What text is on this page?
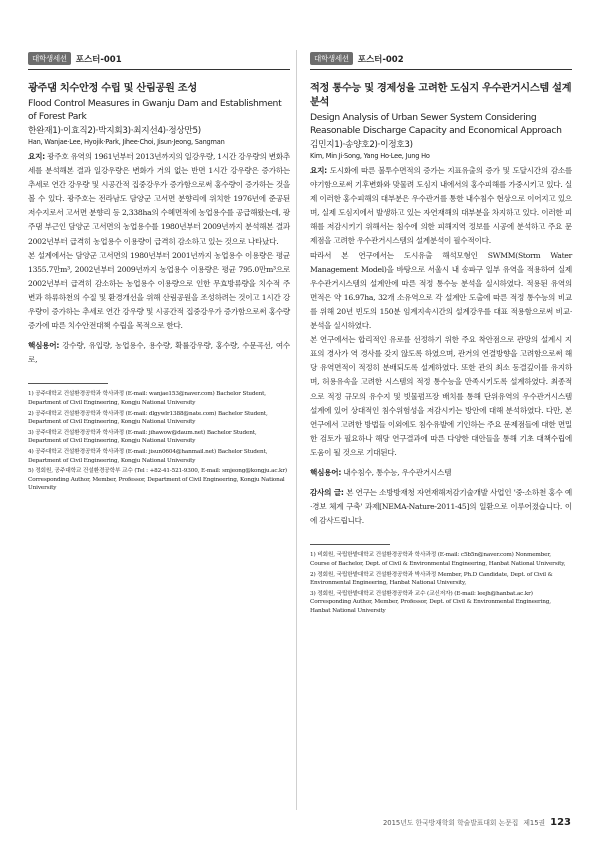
대학생세션	포스터-001
광주댐 치수안정 수립 및 산림공원 조성
Flood Control Measures in Gwanju Dam and Establishment of Forest Park
한완재1)·이효직2)·박지회3)·최지선4)·정상만5)
Han, Wanjae·Lee, Hyojik·Park, Jihee·Choi, Jisun·Jeong, Sangman

요지: 광주호 유역의 1961년부터 2013년까지의 일강우량, 1시간 강우량의 변화추세를 분석해본 결과 일강우량은 변화가 거의 없는 반면 1시간 강우량은 증가하는 추세로 연간 강우량 및 시공간적 집중강우가 증가함으로써 홍수량이 증가하는 것을 볼 수 있다. 광주호는 전라남도 담양군 고서면 분향리에 위치한 1976년에 준공된 저수지로서 고서면 분향리 등 2,338ha의 수혜면적에 농업용수를 공급해왔는데, 광주댐 부근인 담양군 고서면의 농업용수를 1980년부터 2009년까지 분석해본 결과 2002년부터 급격히 농업용수 이용량이 급격히 감소하고 있는 것으로 나타났다.

본 설계에서는 담양군 고서면의 1980년부터 2001년까지 농업용수 이용량은 평균 1355.7만m³, 2002년부터 2009년까지 농업용수 이용량은 평균 795.0만m³으로 2002년부터 급격히 감소하는 농업용수 이용량으로 인한 무효방류량을 치수적 주변과 하류하천의 수질 및 환경개선을 위해 산림공원을 조성하려는 것이고 1시간 강우량이 증가하는 추세로 연간 강우량 및 시공간적 집중강우가 증가함으로써 홍수량 증가에 따른 치수안전대책 수립을 목적으로 한다.

핵심용어: 강수량, 유입량, 농업용수, 용수량, 확률강우량, 홍수량, 수문곡선, 여수로,

1) 공주대학교 건설환경공학과 학사과정 (E-mail: wanjae153@naver.com) Bachelor Student, Department of Civil Engineering, Kongju National University

2) 공주대학교 건설환경공학과 학사과정 (E-mail: dlgywlr1388@nate.com) Bachelor Student, Department of Civil Engineering, Kongju National University

3) 공주대학교 건설환경공학과 학사과정 (E-mail: jihawow@daum.net) Bachelor Student, Department of Civil Engineering, Kongju National University

4) 공주대학교 건설환경공학과 학사과정 (E-mail: jisun0604@hanmail.net) Bachelor Student, Department of Civil Engineering, Kongju National University

5) 정회원, 공주대학교 건설환경공학부 교수 (Tel : +82-41-521-9300, E-mail: smjeong@kongju.ac.kr) Corresponding Author, Member, Professor, Department of Civil Engineering, Kongju National University

대학생세션	포스터-002
적정 통수능 및 경제성을 고려한 도심지 우수관거시스템 설계분석
Design Analysis of Urban Sewer System Considering Reasonable Discharge Capacity and Economical Approach
김민지1)·송양호2)·이정호3)
Kim, Min Ji·Song, Yang Ho·Lee, Jung Ho

요지: 도시화에 따른 불투수면적의 증가는 지표유출의 증가 및 도달시간의 감소를 야기함으로써 기후변화와 맞물려 도심지 내에서의 홍수피해를 가중시키고 있다. 실제 이러한 홍수피해의 대부분은 우수관거를 통한 내수침수 현상으로 이어지고 있으며, 실제 도심지에서 발생하고 있는 자연재해의 대부분을 차지하고 있다. 이러한 피해를 저감시키기 위해서는 침수에 의한 피해지역 정보를 시공에 분석하고 주요 문제점을 고려한 우수관거시스템의 설계분석이 필수적이다.

따라서 본 연구에서는 도시유출 해석모형인 SWMM(Storm Water Management Model)을 바탕으로 서울시 내 송파구 일부 유역을 적용하여 실제 우수관거시스템의 설계안에 따른 적정 통수능 분석을 실시하였다. 적용된 유역의 면적은 약 16.97ha, 32개 소유역으로 각 설계안 도출에 따른 적정 통수능의 비교를 위해 20년 빈도의 150분 임계지속시간의 설계강우를 대표 적용함으로써 비교·분석을 실시하였다.

본 연구에서는 합리적인 유로를 선정하기 위한 주요 착안점으로 관망의 설계시 지표의 경사가 역 경사를 갖지 않도록 하였으며, 관거의 연결방향을 고려함으로써 해당 유역면적이 적정히 분배되도록 설계하였다. 또한 관의 최소 동결깊이를 유지하며, 허용유속을 고려한 시스템의 적정 통수능을 만족시키도록 설계하였다. 최종적으로 적정 규모의 유수지 및 빗물펌프장 배치를 통해 단위유역의 우수관거시스템 설계에 있어 상대적인 침수위험성을 저감시키는 방안에 대해 분석하였다. 다만, 본 연구에서 고려한 방법들 이외에도 침수유발에 기인하는 주요 문제점들에 대한 면밀한 검토가 필요하나 해당 연구결과에 따른 다양한 대안들을 통해 기초 대책수립에 도움이 될 것으로 기대된다.

핵심용어: 내수침수, 통수능, 우수관거시스템

감사의 글: 본 연구는 소방방재청 자연재해저감기술개발 사업인 '중·소하천 홍수 예·경보 체계 구축' 과제[NEMA-Nature-2011-45]의 일환으로 이루어졌습니다. 이에 감사드립니다.

1) 비회원, 국립한밭대학교 건설환경공학과 학사과정 (E-mail: c5b5n@naver.com) Nonmember, Course of Bachelor, Dept. of Civil & Environmental Engineering, Hanbat National University,

2) 정회원, 국립한밭대학교 건설환경공학과 박사과정 Member, Ph.D Candidate, Dept. of Civil & Environmental Engineering, Hanbat National University,

3) 정회원, 국립한밭대학교 건설환경공학과 교수 (교신저자) (E-mail: leejh@hanbat.ac.kr) Corresponding Author, Member, Professor, Dept. of Civil & Environmental Engineering, Hanbat National University

2015년도 한국방재학회 학술발표대회 논문집 제15권 123
